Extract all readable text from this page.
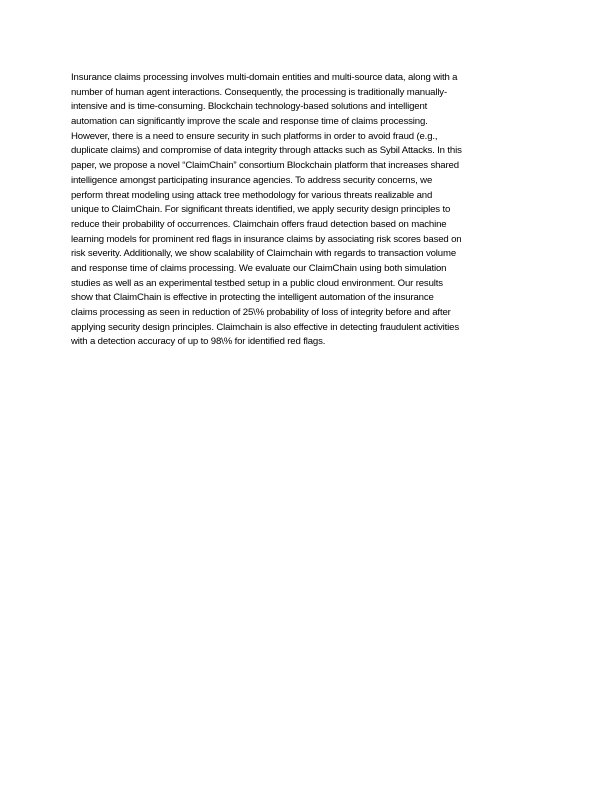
Insurance claims processing involves multi-domain entities and multi-source data, along with a
number of human agent interactions. Consequently, the processing is traditionally manually-
intensive and is time-consuming. Blockchain technology-based solutions and intelligent
automation can significantly improve the scale and response time of claims processing.
However, there is a need to ensure security in such platforms in order to avoid fraud (e.g.,
duplicate claims) and compromise of data integrity through attacks such as Sybil Attacks. In this
paper, we propose a novel “ClaimChain” consortium Blockchain platform that increases shared
intelligence amongst participating insurance agencies. To address security concerns, we
perform threat modeling using attack tree methodology for various threats realizable and
unique to ClaimChain. For significant threats identified, we apply security design principles to
reduce their probability of occurrences. Claimchain offers fraud detection based on machine
learning models for prominent red flags in insurance claims by associating risk scores based on
risk severity. Additionally, we show scalability of Claimchain with regards to transaction volume
and response time of claims processing. We evaluate our ClaimChain using both simulation
studies as well as an experimental testbed setup in a public cloud environment. Our results
show that ClaimChain is effective in protecting the intelligent automation of the insurance
claims processing as seen in reduction of 25\% probability of loss of integrity before and after
applying security design principles. Claimchain is also effective in detecting fraudulent activities
with a detection accuracy of up to 98\% for identified red flags.
